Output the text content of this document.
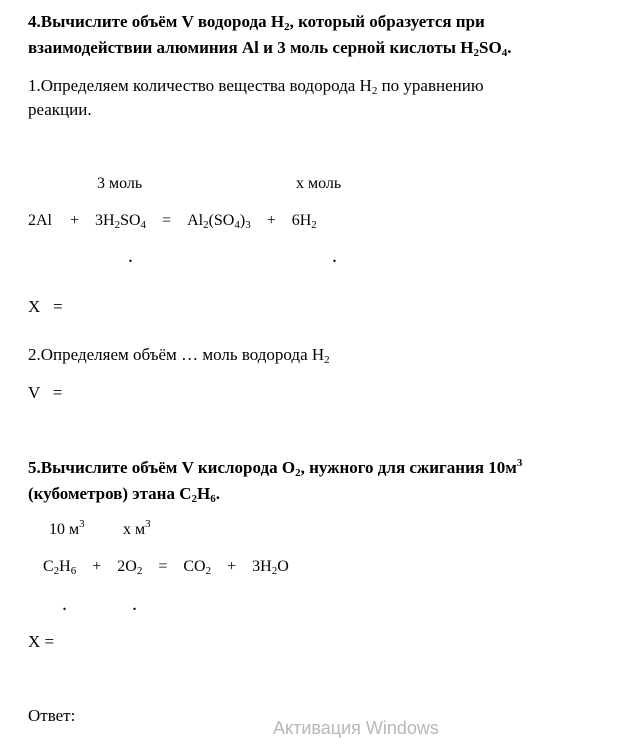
4.Вычислите объём V водорода $H_2$, который образуется при
взаимодействии алюминия Al и 3 моль серной кислоты $H_2SO_4$.
1.Определяем количество вещества водорода $H_2$ по уравнению
реакции.
3 моль	х моль
$2Al + 3H_2SO_4 = Al_2(SO_4)_3 + 6H_2$
.	.
X   =
2.Определяем объём … моль водорода $H_2$
V   =
5.Вычислите объём V кислорода $O_2$, нужного для сжигания $10м^3$
(кубометров) этана $C_2H_6$.
10 $м^3$ х $м^3$
$C_2H_6 + 2O_2 = CO_2 + 3H_2O$
.	.
X =
Ответ:
Активация Windows
